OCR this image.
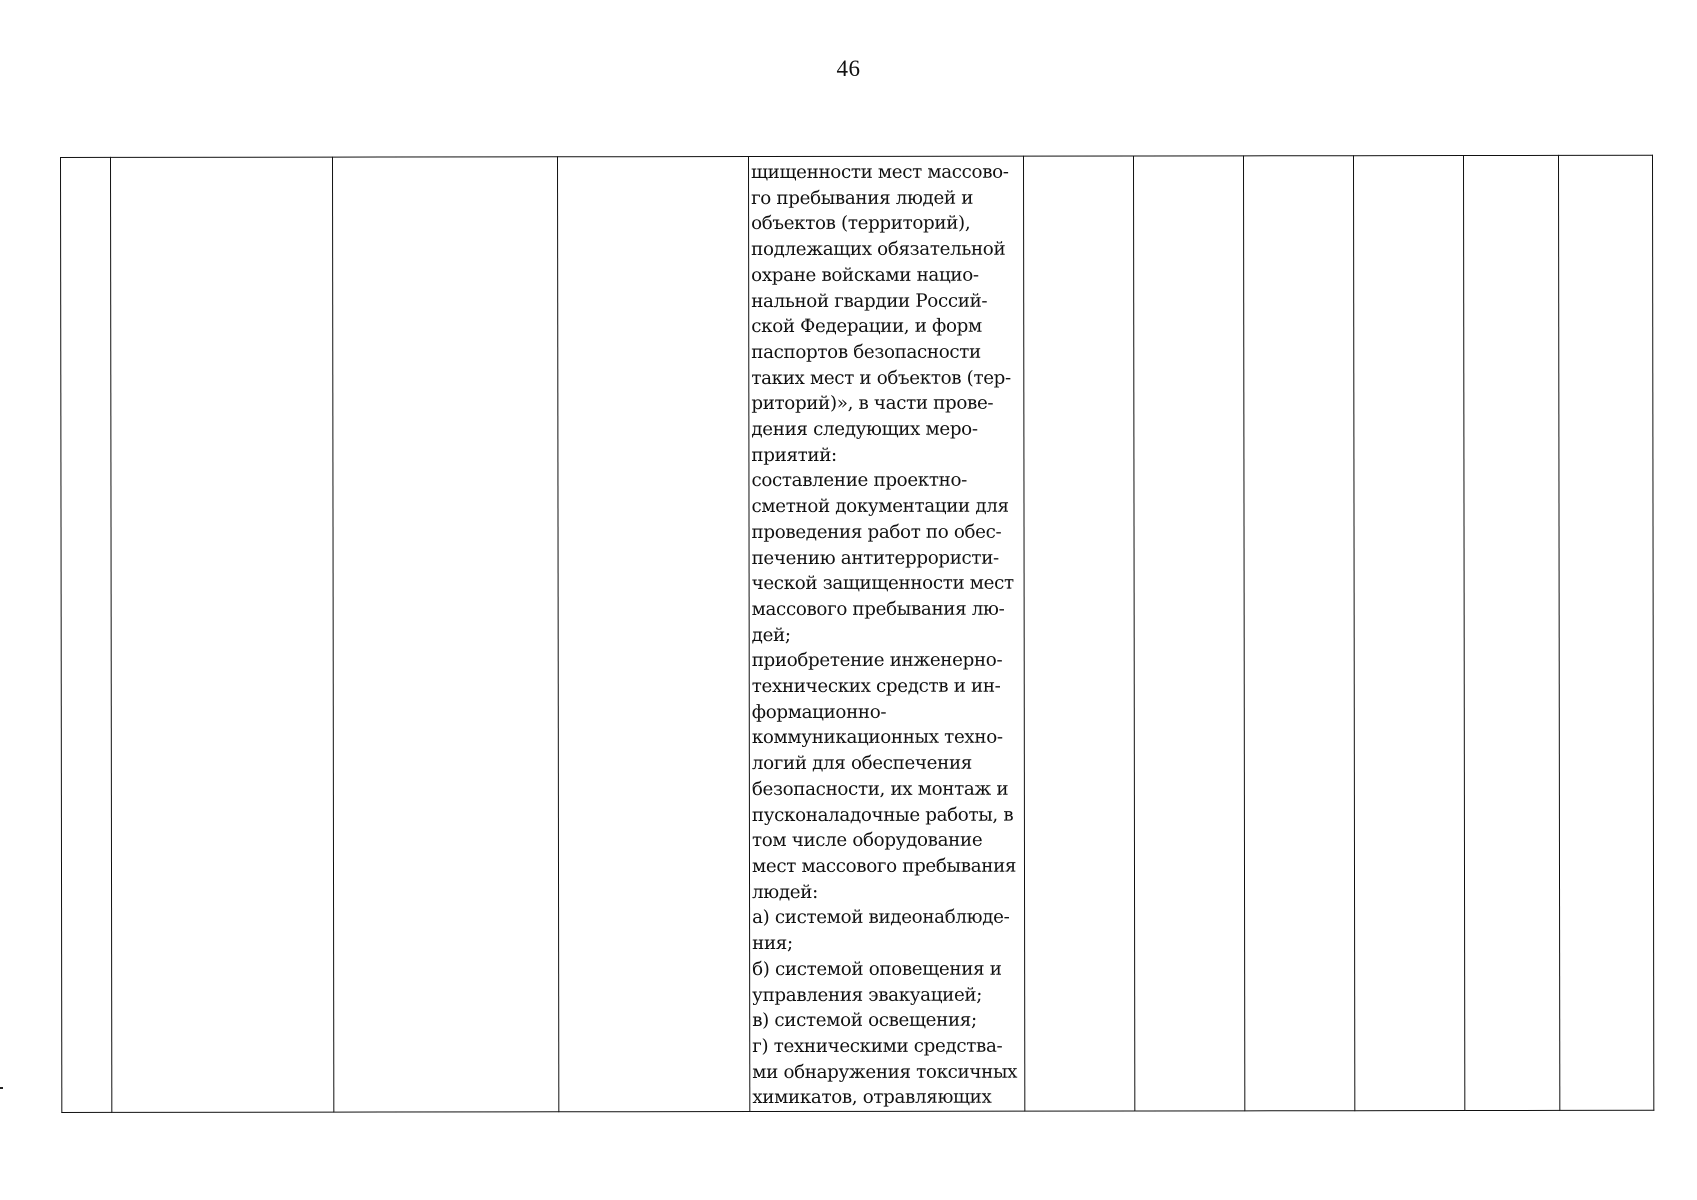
46

щищенности мест массово-
го пребывания людей и
объектов (территорий),
подлежащих обязательной
охране войсками нацио-
нальной гвардии Россий-
ской Федерации, и форм
паспортов безопасности
таких мест и объектов (тер-
риторий)», в части прове-
дения следующих меро-
приятий:
составление проектно-
сметной документации для
проведения работ по обес-
печению антитеррористи-
ческой защищенности мест
массового пребывания лю-
дей;
приобретение инженерно-
технических средств и ин-
формационно-
коммуникационных техно-
логий для обеспечения
безопасности, их монтаж и
пусконаладочные работы, в
том числе оборудование
мест массового пребывания
людей:
а) системой видеонаблюде-
ния;
б) системой оповещения и
управления эвакуацией;
в) системой освещения;
г) техническими средства-
ми обнаружения токсичных
химикатов, отравляющих
